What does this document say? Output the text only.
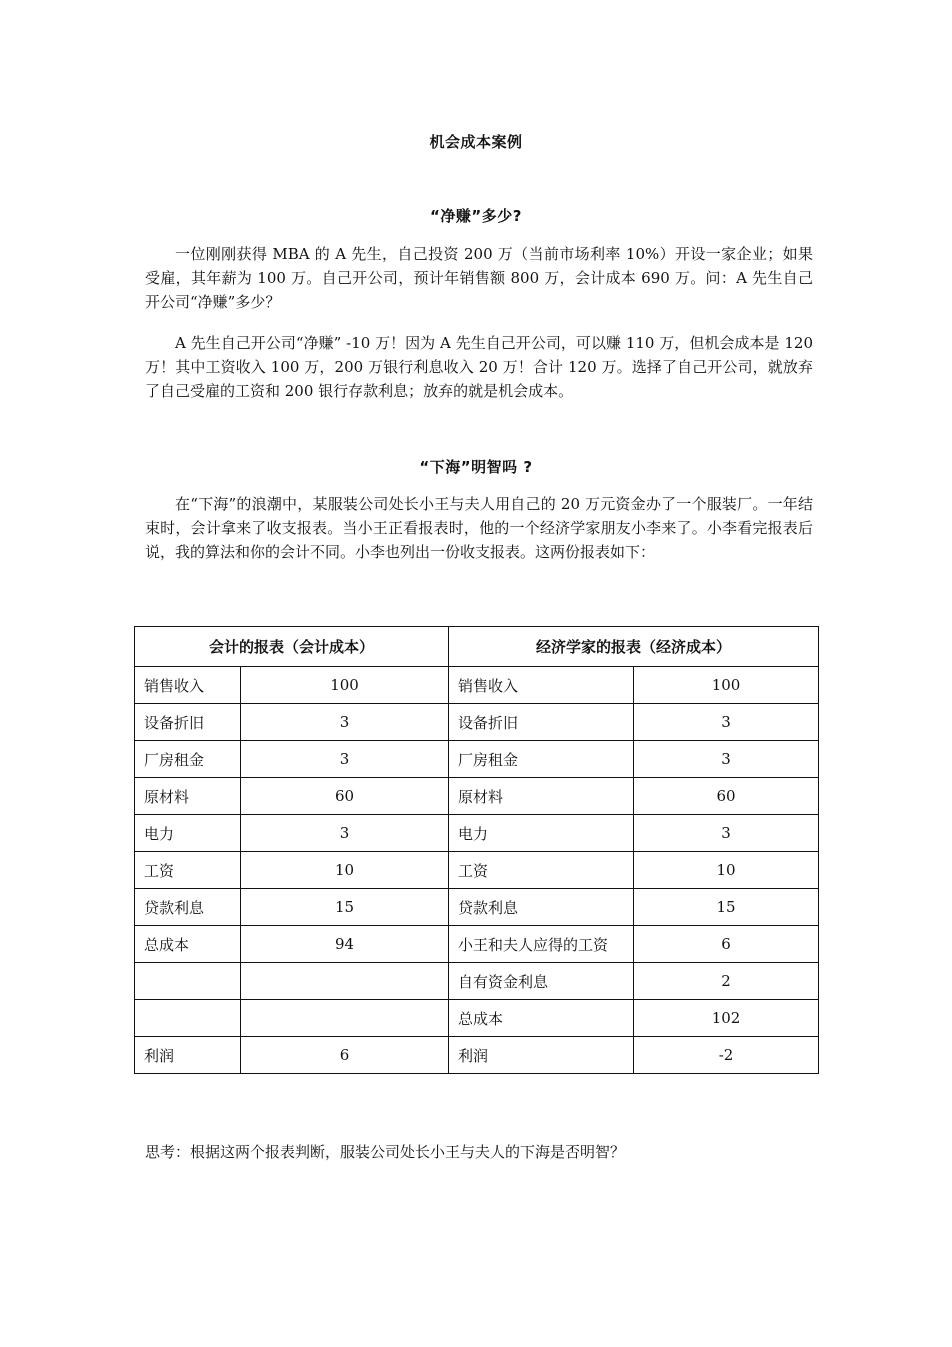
机会成本案例
“净赚”多少?

一位刚刚获得 MBA 的 A 先生，自己投资 200 万（当前市场利率 10%）开设一家企业；如果受雇，其年薪为 100 万。自己开公司，预计年销售额 800 万，会计成本 690 万。问：A 先生自己开公司“净赚”多少？

A 先生自己开公司“净赚” -10 万！因为 A 先生自己开公司，可以赚 110 万，但机会成本是 120 万！其中工资收入 100 万，200 万银行利息收入 20 万！合计 120 万。选择了自己开公司，就放弃了自己受雇的工资和 200 银行存款利息；放弃的就是机会成本。

“下海”明智吗 ?

在“下海”的浪潮中，某服装公司处长小王与夫人用自己的 20 万元资金办了一个服装厂。一年结束时，会计拿来了收支报表。当小王正看报表时，他的一个经济学家朋友小李来了。小李看完报表后说，我的算法和你的会计不同。小李也列出一份收支报表。这两份报表如下：

会计的报表（会计成本）		经济学家的报表（经济成本）	
销售收入	100	销售收入	100
设备折旧	3	设备折旧	3
厂房租金	3	厂房租金	3
原材料	60	原材料	60
电力	3	电力	3
工资	10	工资	10
贷款利息	15	贷款利息	15
总成本	94	小王和夫人应得的工资	6
		自有资金利息	2
		总成本	102
利润	6	利润	-2

思考：根据这两个报表判断，服装公司处长小王与夫人的下海是否明智？
